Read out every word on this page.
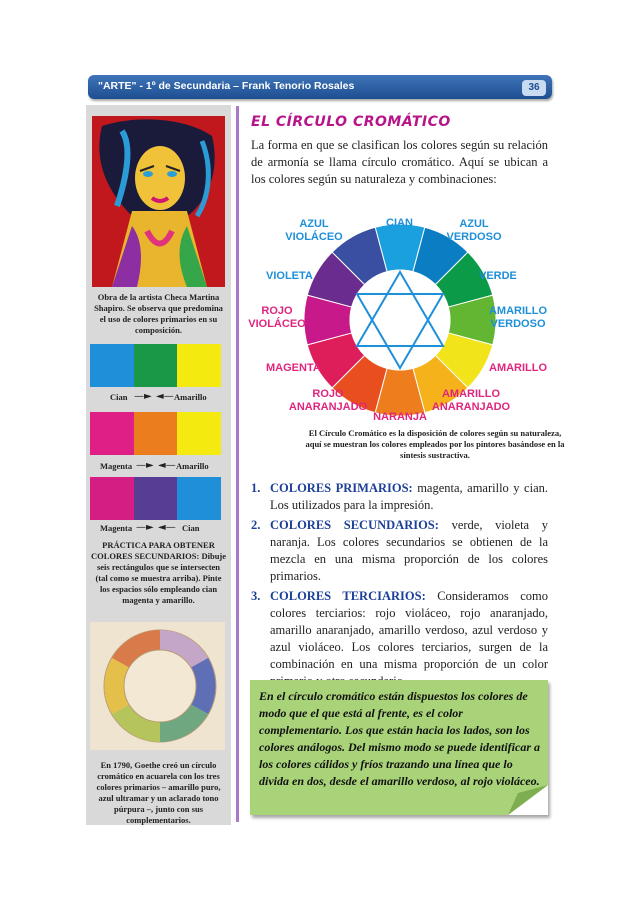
"ARTE" - 1º de Secundaria – Frank Tenorio Rosales	36
Obra de la artista Checa Martina Shapiro. Se observa que predomina el uso de colores primarios en su composición.
Cian —► ◄— Amarillo
Magenta —► ◄— Amarillo
Magenta —► ◄— Cian
PRÁCTICA PARA OBTENER COLORES SECUNDARIOS: Dibuje seis rectángulos que se intersecten (tal como se muestra arriba). Pinte los espacios sólo empleando cian magenta y amarillo.
En 1790, Goethe creó un círculo cromático en acuarela con los tres colores primarios – amarillo puro, azul ultramar y un aclarado tono púrpura –, junto con sus complementarios.
EL CÍRCULO CROMÁTICO
La forma en que se clasifican los colores según su relación de armonía se llama círculo cromático. Aquí se ubican a los colores según su naturaleza y combinaciones:
CIAN
AZUL
VIOLÁCEO
AZUL
VERDOSO
VIOLETA	VERDE
ROJO
VIOLÁCEO
AMARILLO
VERDOSO
MAGENTA	AMARILLO
ROJO
ANARANJADO
AMARILLO
ANARANJADO
NARANJA
El Círculo Cromático es la disposición de colores según su naturaleza, aquí se muestran los colores empleados por los pintores basándose en la síntesis sustractiva.
1. COLORES PRIMARIOS: magenta, amarillo y cian. Los utilizados para la impresión.
2. COLORES SECUNDARIOS: verde, violeta y naranja. Los colores secundarios se obtienen de la mezcla en una misma proporción de los colores primarios.
3. COLORES TERCIARIOS: Consideramos como colores terciarios: rojo violáceo, rojo anaranjado, amarillo anaranjado, amarillo verdoso, azul verdoso y azul violáceo. Los colores terciarios, surgen de la combinación en una misma proporción de un color
En el círculo cromático están dispuestos los colores de modo que el que está al frente, es el color complementario. Los que están hacia los lados, son los colores análogos. Del mismo modo se puede identificar a los colores cálidos y fríos trazando una línea que lo divida en dos, desde el amarillo verdoso, al rojo violáceo.
